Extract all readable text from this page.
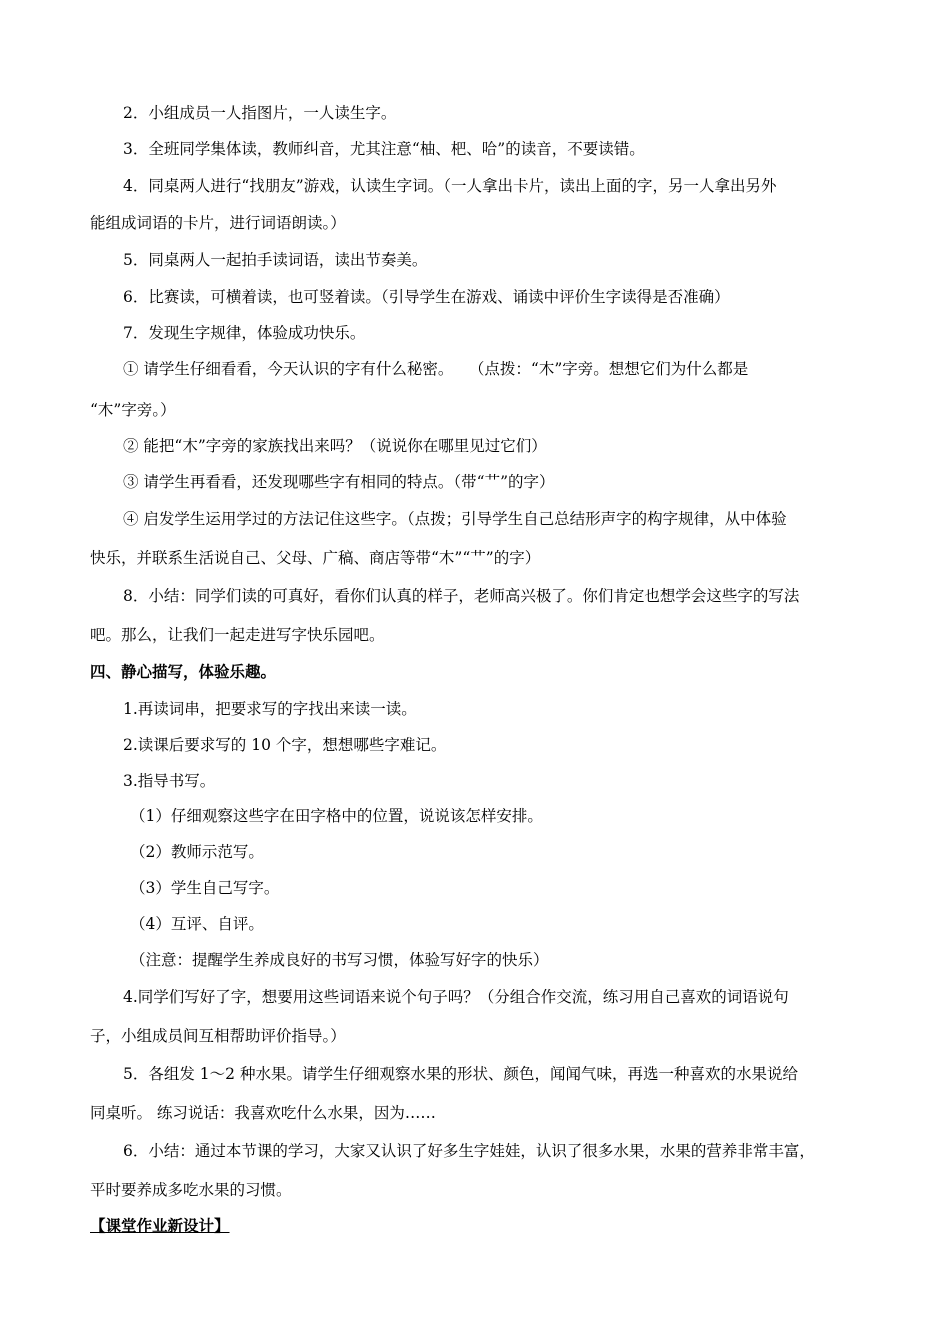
2．小组成员一人指图片，一人读生字。
3．全班同学集体读，教师纠音，尤其注意“柚、杷、哈”的读音，不要读错。
4．同桌两人进行“找朋友”游戏，认读生字词。（一人拿出卡片，读出上面的字，另一人拿出另外
能组成词语的卡片，进行词语朗读。）
5．同桌两人一起拍手读词语，读出节奏美。
6．比赛读，可横着读，也可竖着读。（引导学生在游戏、诵读中评价生字读得是否准确）
7．发现生字规律，体验成功快乐。
① 请学生仔细看看，今天认识的字有什么秘密。　　（点拨：“木”字旁。想想它们为什么都是
“木”字旁。）
② 能把“木”字旁的家族找出来吗？（说说你在哪里见过它们）
③ 请学生再看看，还发现哪些字有相同的特点。（带“艹”的字）
④ 启发学生运用学过的方法记住这些字。（点拨；引导学生自己总结形声字的构字规律，从中体验
快乐，并联系生活说自己、父母、广稿、商店等带“木”“艹”的字）
8．小结：同学们读的可真好，看你们认真的样子，老师高兴极了。你们肯定也想学会这些字的写法
吧。那么，让我们一起走进写字快乐园吧。
四、静心描写，体验乐趣。
1.再读词串，把要求写的字找出来读一读。
2.读课后要求写的 10 个字，想想哪些字难记。
3.指导书写。
（1）仔细观察这些字在田字格中的位置，说说该怎样安排。
（2）教师示范写。
（3）学生自己写字。
（4）互评、自评。
（注意：提醒学生养成良好的书写习惯，体验写好字的快乐）
4.同学们写好了字，想要用这些词语来说个句子吗？（分组合作交流，练习用自己喜欢的词语说句
子，小组成员间互相帮助评价指导。）
5．各组发 1～2 种水果。请学生仔细观察水果的形状、颜色，闻闻气味，再选一种喜欢的水果说给
同桌听。 练习说话：我喜欢吃什么水果，因为……
6．小结：通过本节课的学习，大家又认识了好多生字娃娃，认识了很多水果，水果的营养非常丰富，
平时要养成多吃水果的习惯。
【课堂作业新设计】
